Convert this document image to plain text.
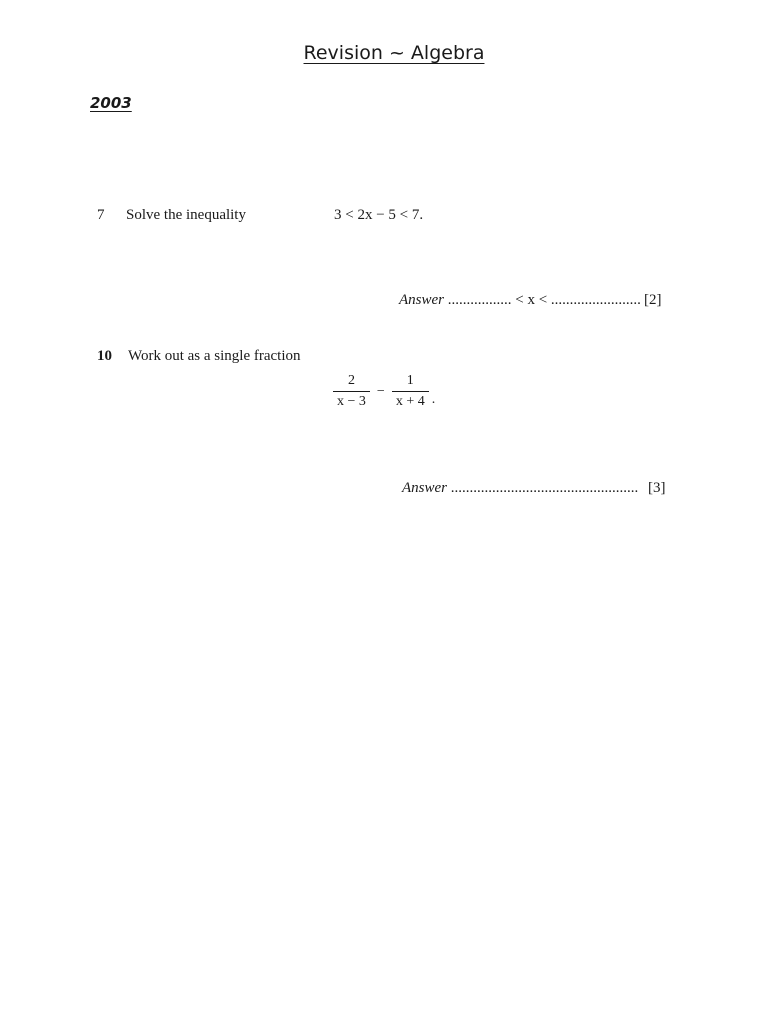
Revision ~ Algebra
2003
7 Solve the inequality	3 < 2x − 5 < 7.
Answer ................. < x < ........................ [2]
10 Work out as a single fraction
$\frac{2}{x - 3} - \frac{1}{x + 4}$ .
Answer .................................................. [3]
